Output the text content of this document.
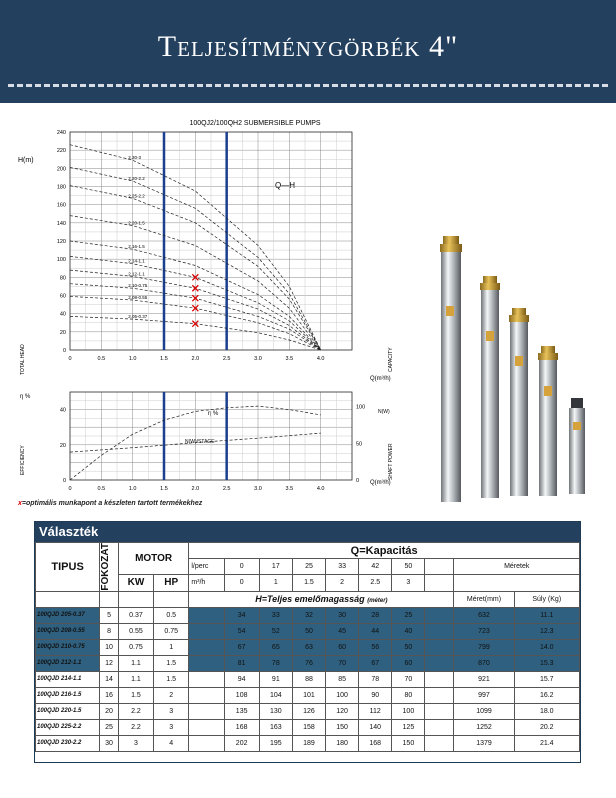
Teljesítménygörbék 4"
100QJ2/100QH2 SUBMERSIBLE PUMPS
H(m)
Q—H
TOTAL HEAD	CAPACITY
Q(m³/h)
η %
N(W)
η %
N(W)/STAGE
EFFICIENCY	SHAFT POWER
Q(m³/h)
0
20
40
60
80
100
120
140
160
180
200
220
240
0
0
0.5
0.5
1.0
1.0
1.5
1.5
2.0
2.0
2.5
2.5
3.0
3.0
3.5
3.5
4.0
4.0
0
20
40
0
50
100
2.30-3
2.20-2.2
2.25-2.2
2.20-1.5
2.16-1.5
2.14-1.1
2.12-1.1
2.10-0.75
2.08-0.55
2.05-0.37
x=optimális munkapont a készleten tartott termékekhez
Választék
TIPUS	FOKOZAT	MOTOR		Q=Kapacitás									
				l/perc	0	17	25	33	42	50		Méretek	
		KW	HP	m³/h	0	1	1.5	2	2.5	3			
				H=Teljes emelőmagasság (méter)								Méret(mm)	Súly (Kg)
100QJD 205-0.37	5	0.37	0.5		34	33	32	30	28	25		632	11.1
100QJD 208-0.55	8	0.55	0.75		54	52	50	45	44	40		723	12.3
100QJD 210-0.75	10	0.75	1		67	65	63	60	56	50		799	14.0
100QJD 212-1.1	12	1.1	1.5		81	78	76	70	67	60		870	15.3
100QJD 214-1.1	14	1.1	1.5		94	91	88	85	78	70		921	15.7
100QJD 216-1.5	16	1.5	2		108	104	101	100	90	80		997	16.2
100QJD 220-1.5	20	2.2	3		135	130	126	120	112	100		1099	18.0
100QJD 225-2.2	25	2.2	3		168	163	158	150	140	125		1252	20.2
100QJD 230-2.2	30	3	4		202	195	189	180	168	150		1379	21.4
